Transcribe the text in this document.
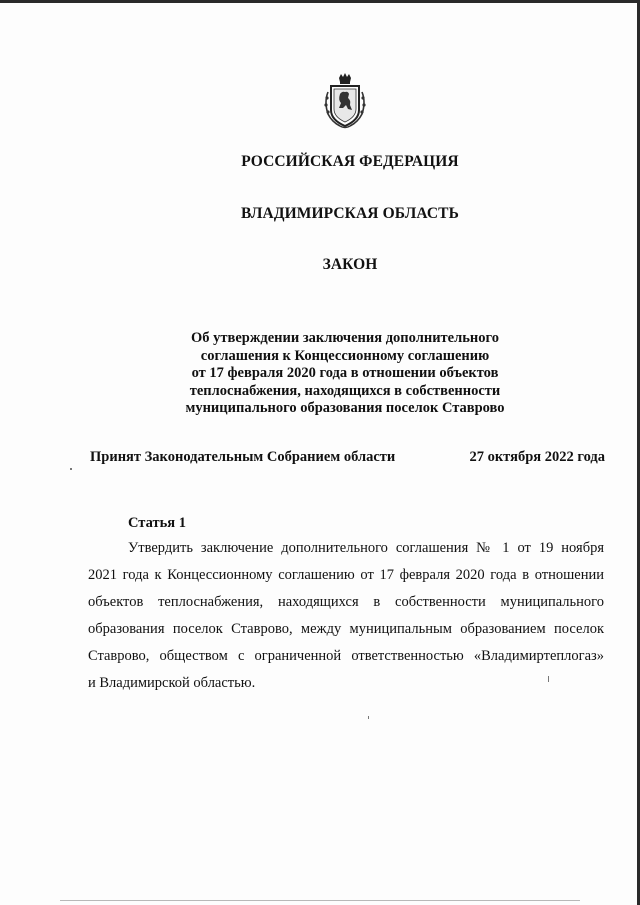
РОССИЙСКАЯ ФЕДЕРАЦИЯ
ВЛАДИМИРСКАЯ ОБЛАСТЬ
ЗАКОН
Об утверждении заключения дополнительного
соглашения к Концессионному соглашению
от 17 февраля 2020 года в отношении объектов
теплоснабжения, находящихся в собственности
муниципального образования поселок Ставрово
Принят Законодательным Собранием области	27 октября 2022 года
Статья 1
Утвердить заключение дополнительного соглашения № 1 от 19 ноября
2021 года к Концессионному соглашению от 17 февраля 2020 года в отношении
объектов теплоснабжения, находящихся в собственности муниципального
образования поселок Ставрово, между муниципальным образованием поселок
Ставрово, обществом с ограниченной ответственностью «Владимиртеплогаз»
и Владимирской областью.
